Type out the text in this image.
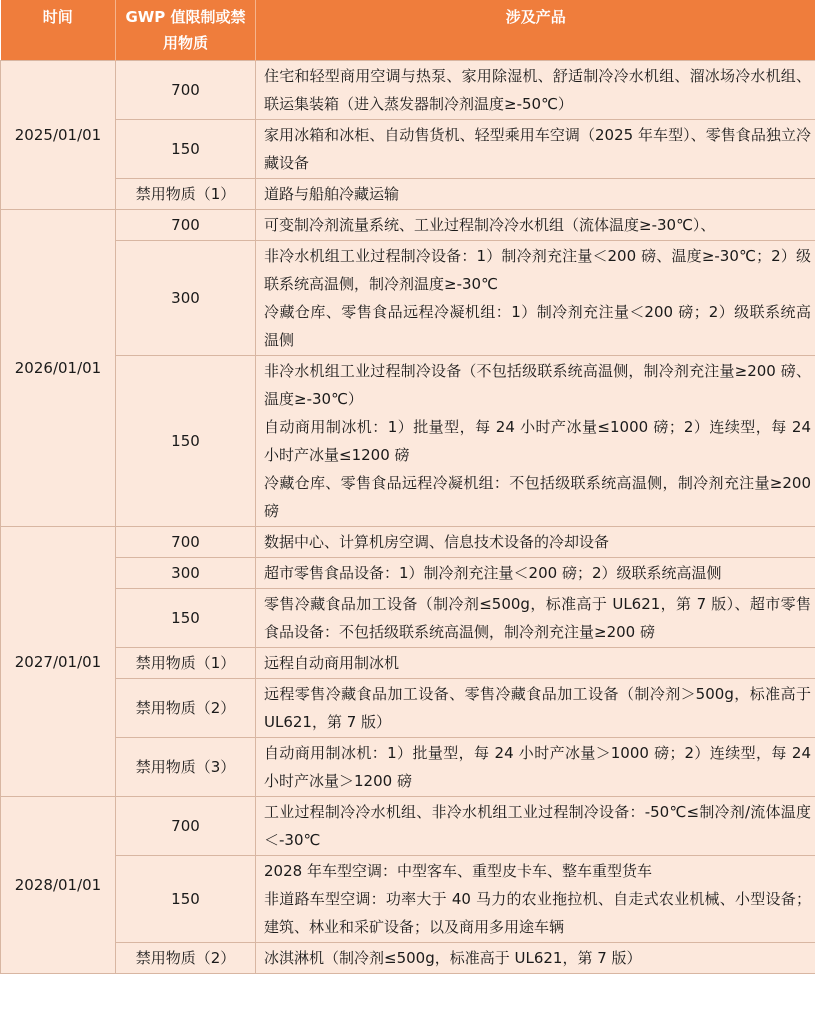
时间	GWP 值限制或禁用物质	涉及产品
2025/01/01	700	住宅和轻型商用空调与热泵、家用除湿机、舒适制冷冷水机组、溜冰场冷水机组、联运集装箱（进入蒸发器制冷剂温度≥-50℃）

	150	家用冰箱和冰柜、自动售货机、轻型乘用车空调（2025 年车型）、零售食品独立冷藏设备

	禁用物质（1）	道路与船舶冷藏运输

2026/01/01	700	可变制冷剂流量系统、工业过程制冷冷水机组（流体温度≥-30℃）、

	300	非冷水机组工业过程制冷设备：1）制冷剂充注量＜200 磅、温度≥-30℃；2）级联系统高温侧，制冷剂温度≥-30℃
冷藏仓库、零售食品远程冷凝机组：1）制冷剂充注量＜200 磅；2）级联系统高温侧

	150	非冷水机组工业过程制冷设备（不包括级联系统高温侧，制冷剂充注量≥200 磅、温度≥-30℃）
自动商用制冰机：1）批量型，每 24 小时产冰量≤1000 磅；2）连续型，每 24 小时产冰量≤1200 磅
冷藏仓库、零售食品远程冷凝机组：不包括级联系统高温侧，制冷剂充注量≥200 磅

2027/01/01	700	数据中心、计算机房空调、信息技术设备的冷却设备

	300	超市零售食品设备：1）制冷剂充注量＜200 磅；2）级联系统高温侧

	150	零售冷藏食品加工设备（制冷剂≤500g，标准高于 UL621，第 7 版）、超市零售食品设备：不包括级联系统高温侧，制冷剂充注量≥200 磅

	禁用物质（1）	远程自动商用制冰机

	禁用物质（2）	远程零售冷藏食品加工设备、零售冷藏食品加工设备（制冷剂＞500g，标准高于 UL621，第 7 版）

	禁用物质（3）	自动商用制冰机：1）批量型，每 24 小时产冰量＞1000 磅；2）连续型，每 24 小时产冰量＞1200 磅

2028/01/01	700	工业过程制冷冷水机组、非冷水机组工业过程制冷设备：-50℃≤制冷剂/流体温度＜-30℃

	150	2028 年车型空调：中型客车、重型皮卡车、整车重型货车
非道路车型空调：功率大于 40 马力的农业拖拉机、自走式农业机械、小型设备；建筑、林业和采矿设备；以及商用多用途车辆

	禁用物质（2）	冰淇淋机（制冷剂≤500g，标准高于 UL621，第 7 版）
